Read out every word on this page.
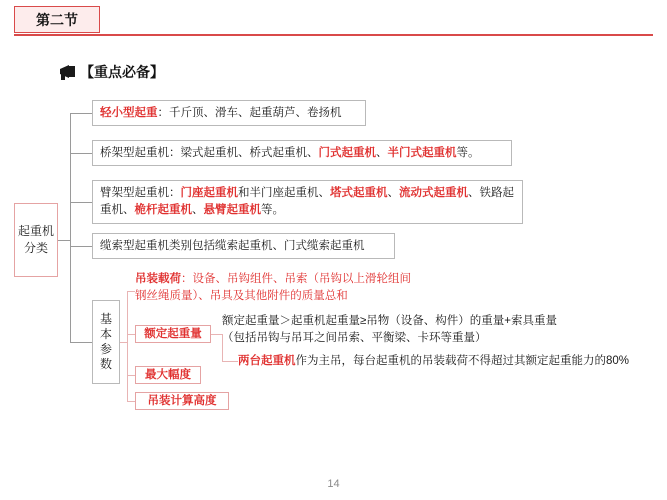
第二节
【重点必备】
起重机分类
轻小型起重：千斤顶、滑车、起重葫芦、卷扬机
桥架型起重机：梁式起重机、桥式起重机、门式起重机、半门式起重机等。
臂架型起重机：门座起重机和半门座起重机、塔式起重机、流动式起重机、铁路起重机、桅杆起重机、悬臂起重机等。
缆索型起重机类别包括缆索起重机、门式缆索起重机
基本参数
吊装载荷：设备、吊钩组件、吊索（吊钩以上滑轮组间
钢丝绳质量）、吊具及其他附件的质量总和
额定起重量
额定起重量＞起重机起重量≥吊物（设备、构件）的重量+索具重量
（包括吊钩与吊耳之间吊索、平衡梁、卡环等重量）
两台起重机作为主吊，每台起重机的吊装载荷不得超过其额定起重能力的80%
最大幅度
吊装计算高度
14
